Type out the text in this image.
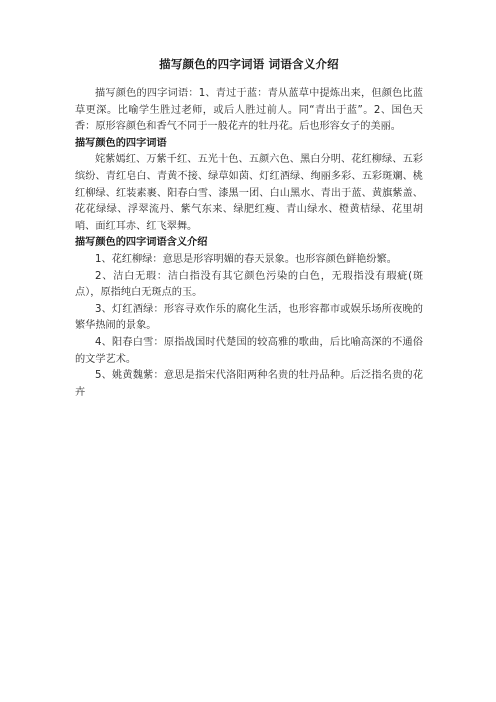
描写颜色的四字词语 词语含义介绍

描写颜色的四字词语：1、青过于蓝：青从蓝草中提炼出来，但颜色比蓝草更深。比喻学生胜过老师，或后人胜过前人。同“青出于蓝”。2、国色天香：原形容颜色和香气不同于一般花卉的牡丹花。后也形容女子的美丽。

描写颜色的四字词语

姹紫嫣红、万紫千红、五光十色、五颜六色、黑白分明、花红柳绿、五彩缤纷、青红皂白、青黄不接、绿草如茵、灯红酒绿、绚丽多彩、五彩斑斓、桃红柳绿、红装素裹、阳春白雪、漆黑一团、白山黑水、青出于蓝、黄旗紫盖、花花绿绿、浮翠流丹、紫气东来、绿肥红瘦、青山绿水、橙黄桔绿、花里胡哨、面红耳赤、红飞翠舞。

描写颜色的四字词语含义介绍

1、花红柳绿：意思是形容明媚的春天景象。也形容颜色鲜艳纷繁。

2、洁白无瑕：洁白指没有其它颜色污染的白色，无瑕指没有瑕疵(斑点），原指纯白无斑点的玉。

3、灯红酒绿：形容寻欢作乐的腐化生活，也形容都市或娱乐场所夜晚的繁华热闹的景象。

4、阳春白雪：原指战国时代楚国的较高雅的歌曲，后比喻高深的不通俗的文学艺术。

5、姚黄魏紫：意思是指宋代洛阳两种名贵的牡丹品种。后泛指名贵的花卉
